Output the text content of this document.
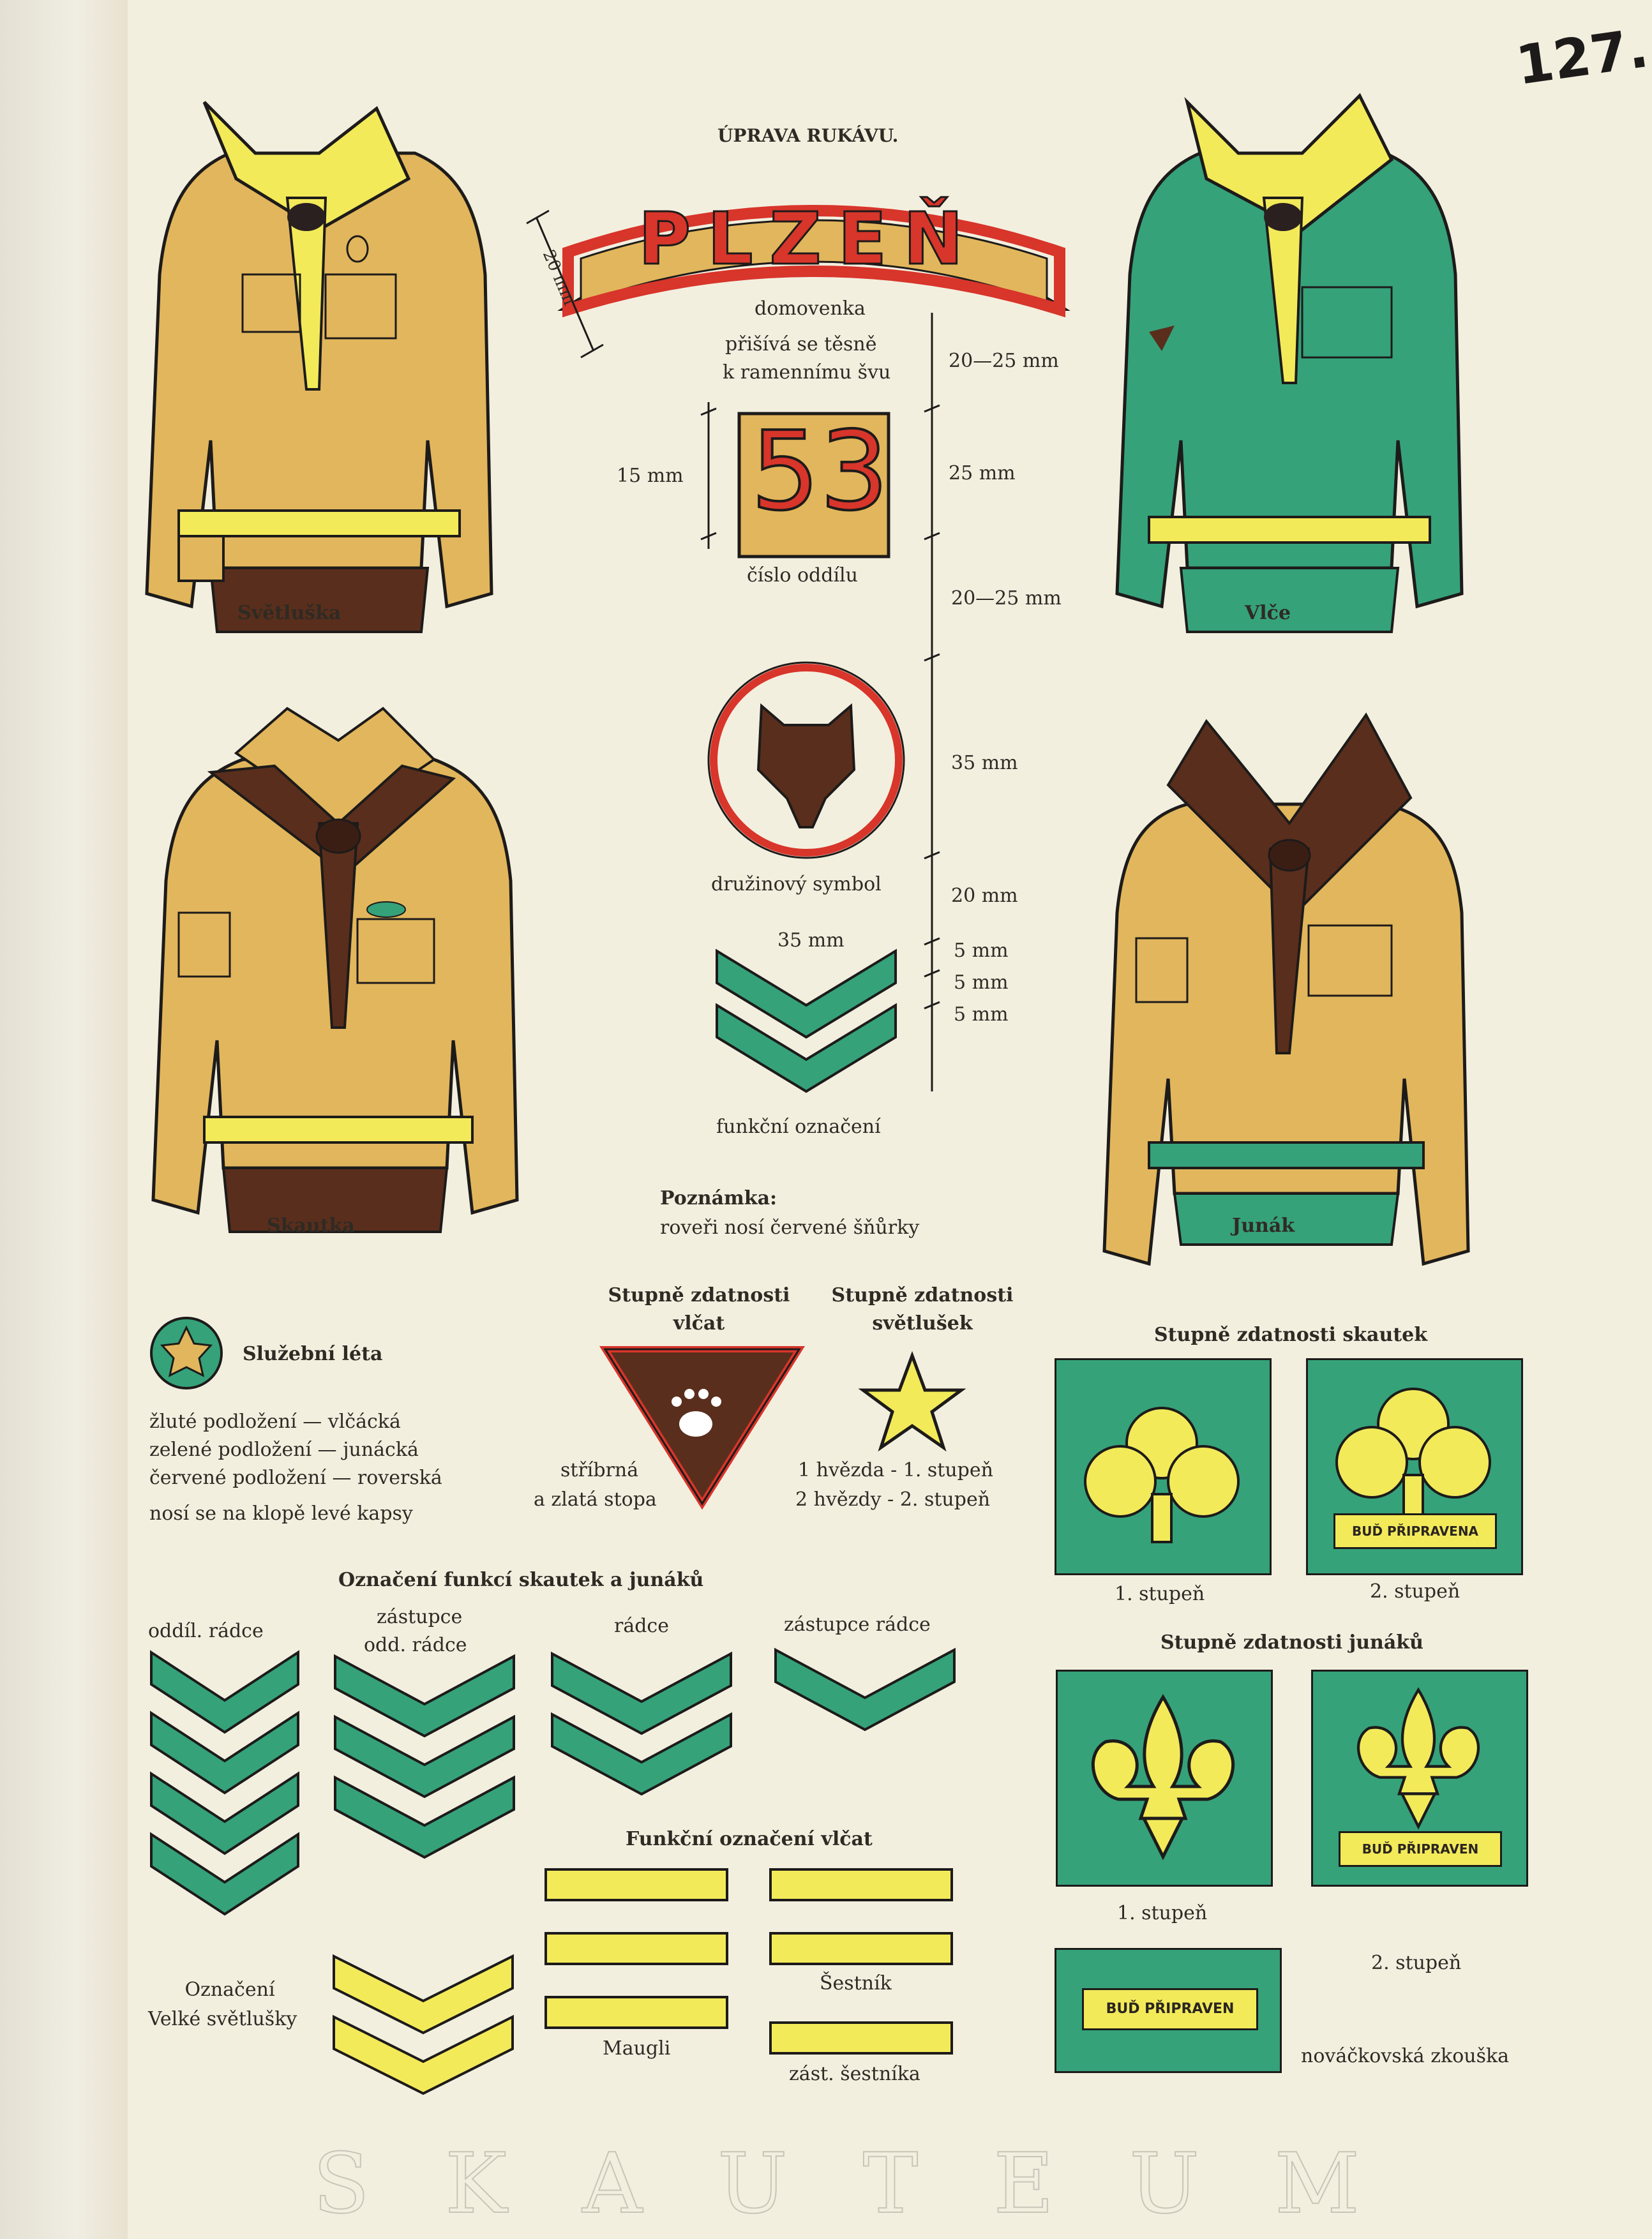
127.
Světluška	Vlče
Skautka	Junák
ÚPRAVA RUKÁVU.
PLZEŇ
20 mm
domovenka
přišívá se těsně
k ramennímu švu
20—25 mm
53
15 mm	25 mm
číslo oddílu
20—25 mm
35 mm
družinový symbol
20 mm
35 mm	5 mm
5 mm
5 mm
funkční označení
Poznámka:
roveři nosí červené šňůrky
Služební léta
žluté podložení — vlčácká
zelené podložení — junácká
červené podložení — roverská
nosí se na klopě levé kapsy
Stupně zdatnosti
vlčat
stříbrná
a zlatá stopa
Stupně zdatnosti
světlušek
1 hvězda - 1. stupeň
2 hvězdy - 2. stupeň
Stupně zdatnosti skautek
BUĎ PŘIPRAVENA
1. stupeň	2. stupeň
Stupně zdatnosti junáků
BUĎ PŘIPRAVEN
1. stupeň
2. stupeň
BUĎ PŘIPRAVEN
nováčkovská zkouška
Označení funkcí skautek a junáků
oddíl. rádce
zástupce
odd. rádce
rádce	zástupce rádce
Označení
Velké světlušky
Funkční označení vlčat
Maugli
Šestník
zást. šestníka
S K A U T E U M
